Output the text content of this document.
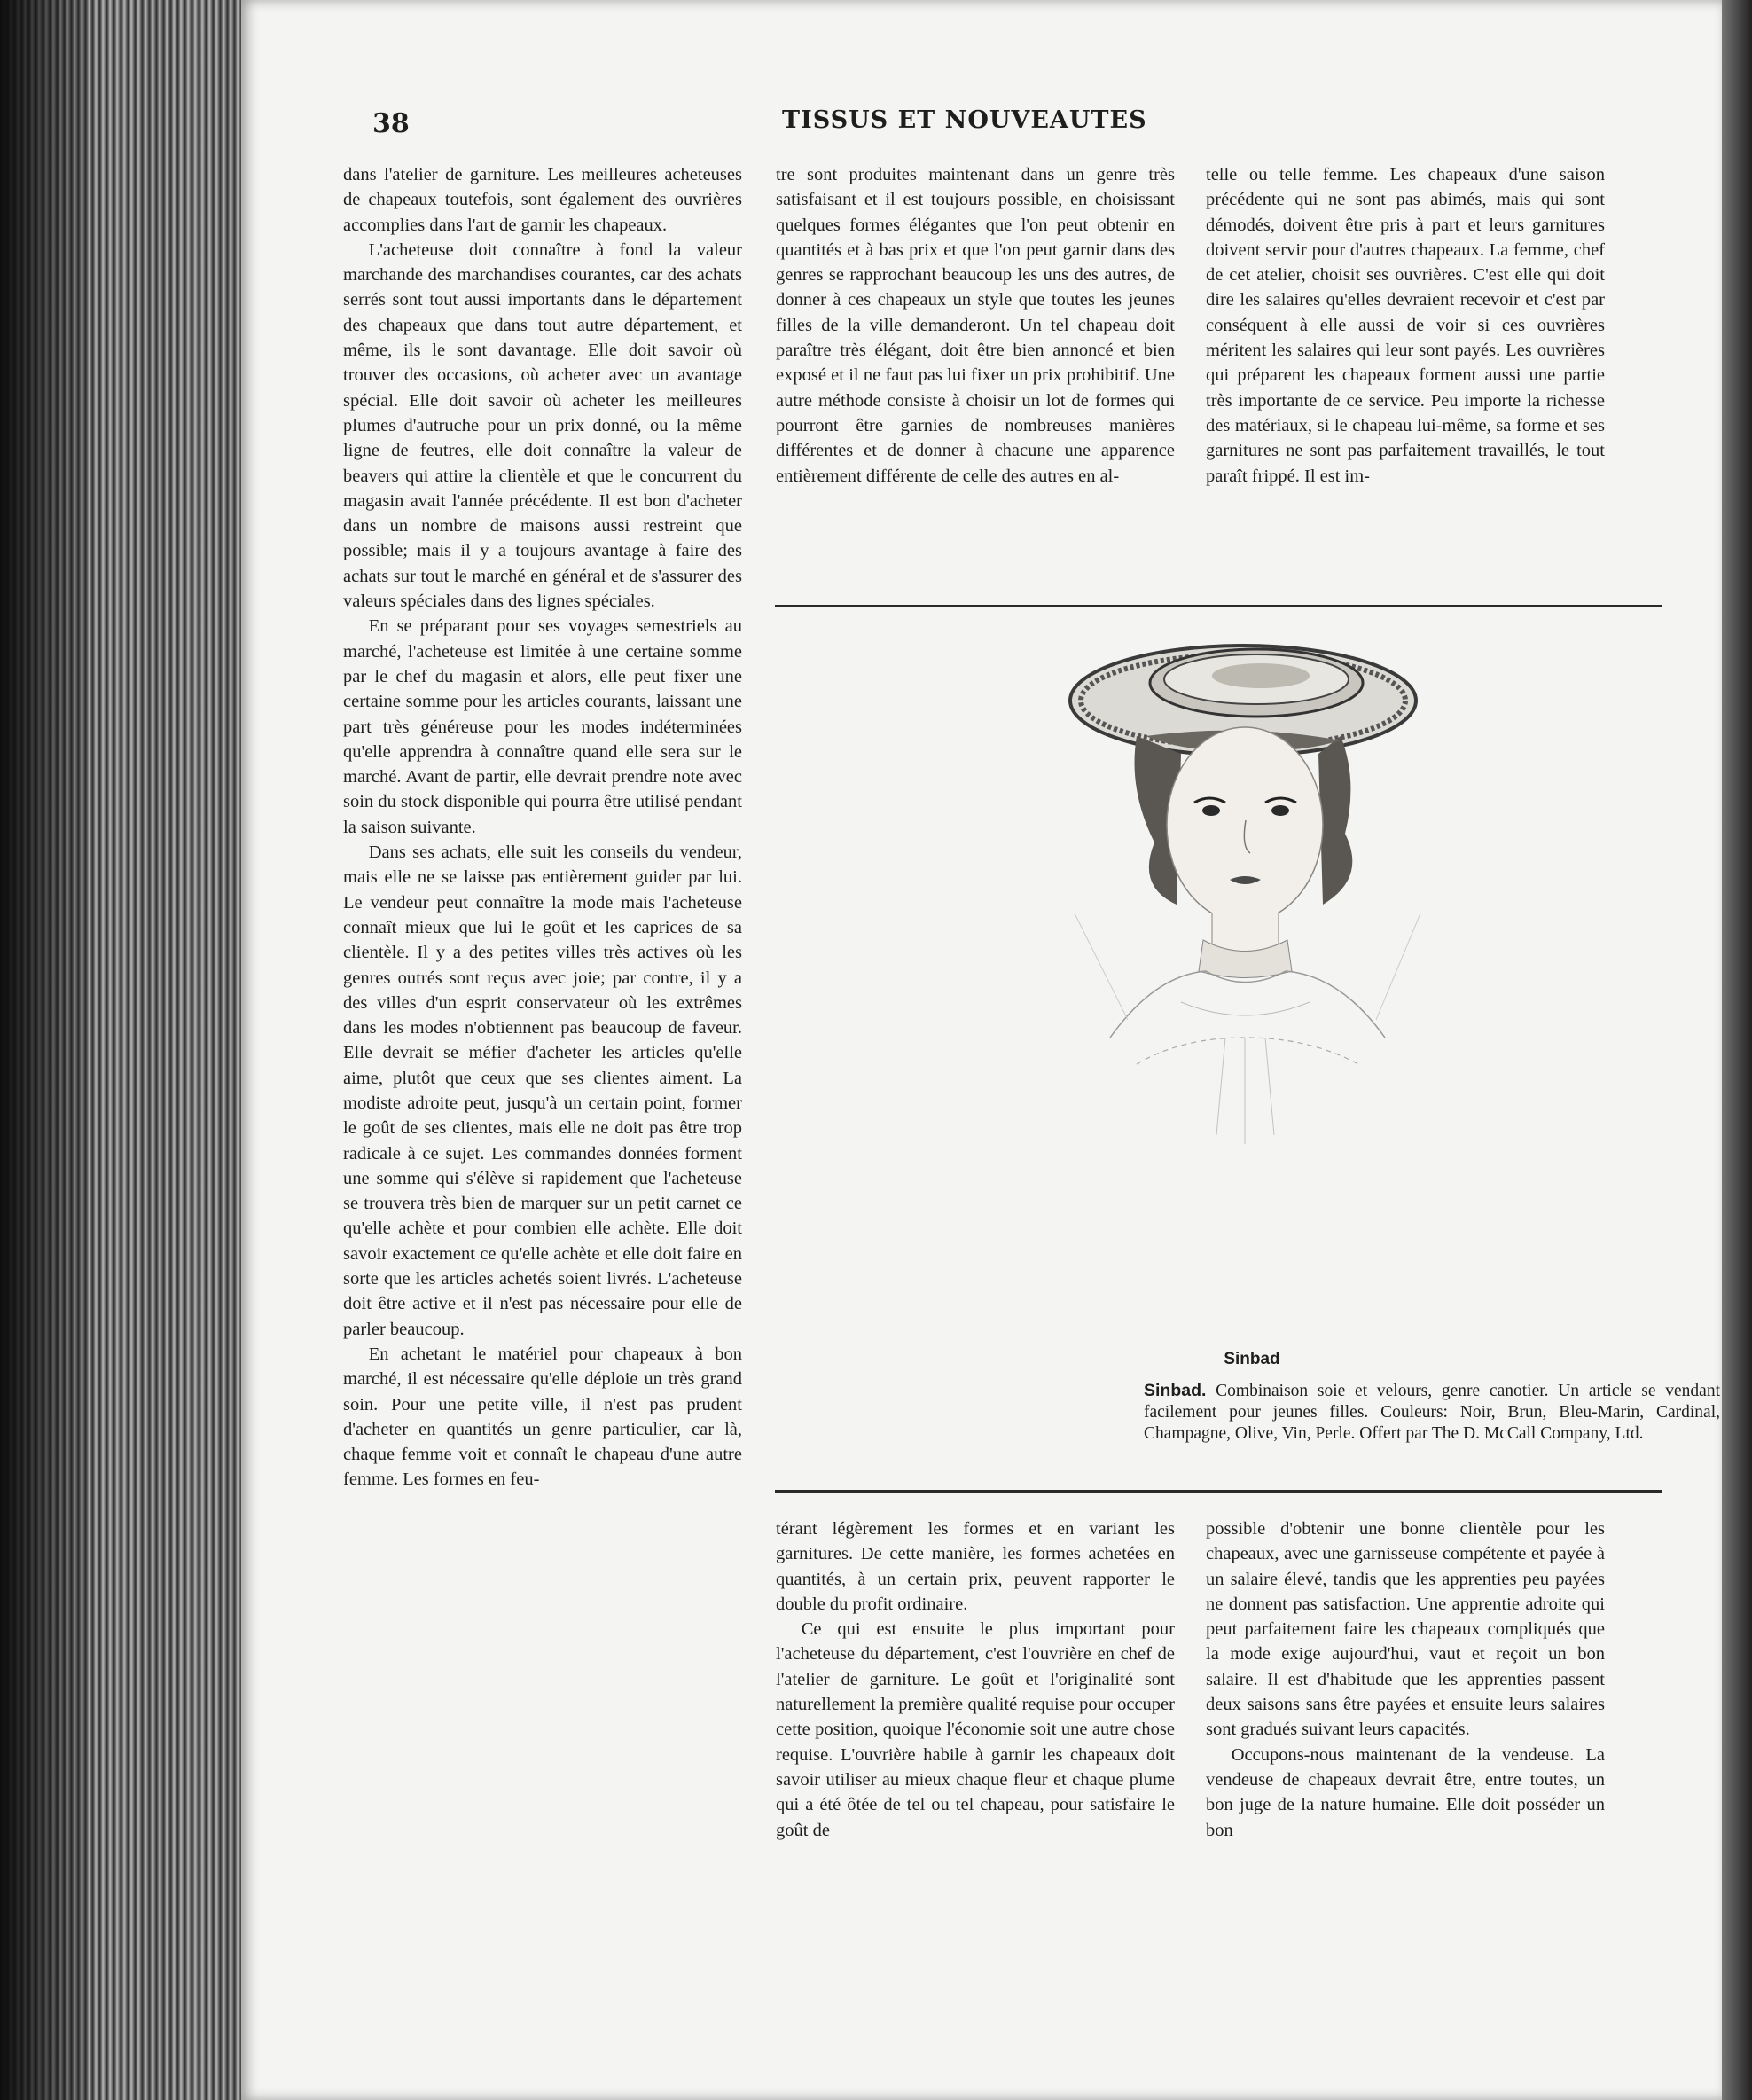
38	TISSUS ET NOUVEAUTES

dans l'atelier de garniture. Les meilleures acheteuses de chapeaux toutefois, sont également des ouvrières accomplies dans l'art de garnir les chapeaux.

L'acheteuse doit connaître à fond la valeur marchande des marchandises courantes, car des achats serrés sont tout aussi importants dans le département des chapeaux que dans tout autre département, et même, ils le sont davantage. Elle doit savoir où trouver des occasions, où acheter avec un avantage spécial. Elle doit savoir où acheter les meilleures plumes d'autruche pour un prix donné, ou la même ligne de feutres, elle doit connaître la valeur de beavers qui attire la clientèle et que le concurrent du magasin avait l'année précédente. Il est bon d'acheter dans un nombre de maisons aussi restreint que possible; mais il y a toujours avantage à faire des achats sur tout le marché en général et de s'assurer des valeurs spéciales dans des lignes spéciales.

En se préparant pour ses voyages semestriels au marché, l'acheteuse est limitée à une certaine somme par le chef du magasin et alors, elle peut fixer une certaine somme pour les articles courants, laissant une part très généreuse pour les modes indéterminées qu'elle apprendra à connaître quand elle sera sur le marché. Avant de partir, elle devrait prendre note avec soin du stock disponible qui pourra être utilisé pendant la saison suivante.

Dans ses achats, elle suit les conseils du vendeur, mais elle ne se laisse pas entièrement guider par lui. Le vendeur peut connaître la mode mais l'acheteuse connaît mieux que lui le goût et les caprices de sa clientèle. Il y a des petites villes très actives où les genres outrés sont reçus avec joie; par contre, il y a des villes d'un esprit conservateur où les extrêmes dans les modes n'obtiennent pas beaucoup de faveur. Elle devrait se méfier d'acheter les articles qu'elle aime, plutôt que ceux que ses clientes aiment. La modiste adroite peut, jusqu'à un certain point, former le goût de ses clientes, mais elle ne doit pas être trop radicale à ce sujet. Les commandes données forment une somme qui s'élève si rapidement que l'acheteuse se trouvera très bien de marquer sur un petit carnet ce qu'elle achète et pour combien elle achète. Elle doit savoir exactement ce qu'elle achète et elle doit faire en sorte que les articles achetés soient livrés. L'acheteuse doit être active et il n'est pas nécessaire pour elle de parler beaucoup.

En achetant le matériel pour chapeaux à bon marché, il est nécessaire qu'elle déploie un très grand soin. Pour une petite ville, il n'est pas prudent d'acheter en quantités un genre particulier, car là, chaque femme voit et connaît le chapeau d'une autre femme. Les formes en feu-

tre sont produites maintenant dans un genre très satisfaisant et il est toujours possible, en choisissant quelques formes élégantes que l'on peut obtenir en quantités et à bas prix et que l'on peut garnir dans des genres se rapprochant beaucoup les uns des autres, de donner à ces chapeaux un style que toutes les jeunes filles de la ville demanderont. Un tel chapeau doit paraître très élégant, doit être bien annoncé et bien exposé et il ne faut pas lui fixer un prix prohibitif. Une autre méthode consiste à choisir un lot de formes qui pourront être garnies de nombreuses manières différentes et de donner à chacune une apparence entièrement différente de celle des autres en al-

telle ou telle femme. Les chapeaux d'une saison précédente qui ne sont pas abimés, mais qui sont démodés, doivent être pris à part et leurs garnitures doivent servir pour d'autres chapeaux. La femme, chef de cet atelier, choisit ses ouvrières. C'est elle qui doit dire les salaires qu'elles devraient recevoir et c'est par conséquent à elle aussi de voir si ces ouvrières méritent les salaires qui leur sont payés. Les ouvrières qui préparent les chapeaux forment aussi une partie très importante de ce service. Peu importe la richesse des matériaux, si le chapeau lui-même, sa forme et ses garnitures ne sont pas parfaitement travaillés, le tout paraît frippé. Il est im-

Sinbad
Sinbad. Combinaison soie et velours, genre canotier. Un article se vendant facilement pour jeunes filles. Couleurs: Noir, Brun, Bleu-Marin, Cardinal, Champagne, Olive, Vin, Perle. Offert par The D. McCall Company, Ltd.

térant légèrement les formes et en variant les garnitures. De cette manière, les formes achetées en quantités, à un certain prix, peuvent rapporter le double du profit ordinaire.

Ce qui est ensuite le plus important pour l'acheteuse du département, c'est l'ouvrière en chef de l'atelier de garniture. Le goût et l'originalité sont naturellement la première qualité requise pour occuper cette position, quoique l'économie soit une autre chose requise. L'ouvrière habile à garnir les chapeaux doit savoir utiliser au mieux chaque fleur et chaque plume qui a été ôtée de tel ou tel chapeau, pour satisfaire le goût de

possible d'obtenir une bonne clientèle pour les chapeaux, avec une garnisseuse compétente et payée à un salaire élevé, tandis que les apprenties peu payées ne donnent pas satisfaction. Une apprentie adroite qui peut parfaitement faire les chapeaux compliqués que la mode exige aujourd'hui, vaut et reçoit un bon salaire. Il est d'habitude que les apprenties passent deux saisons sans être payées et ensuite leurs salaires sont gradués suivant leurs capacités.

Occupons-nous maintenant de la vendeuse. La vendeuse de chapeaux devrait être, entre toutes, un bon juge de la nature humaine. Elle doit posséder un bon
